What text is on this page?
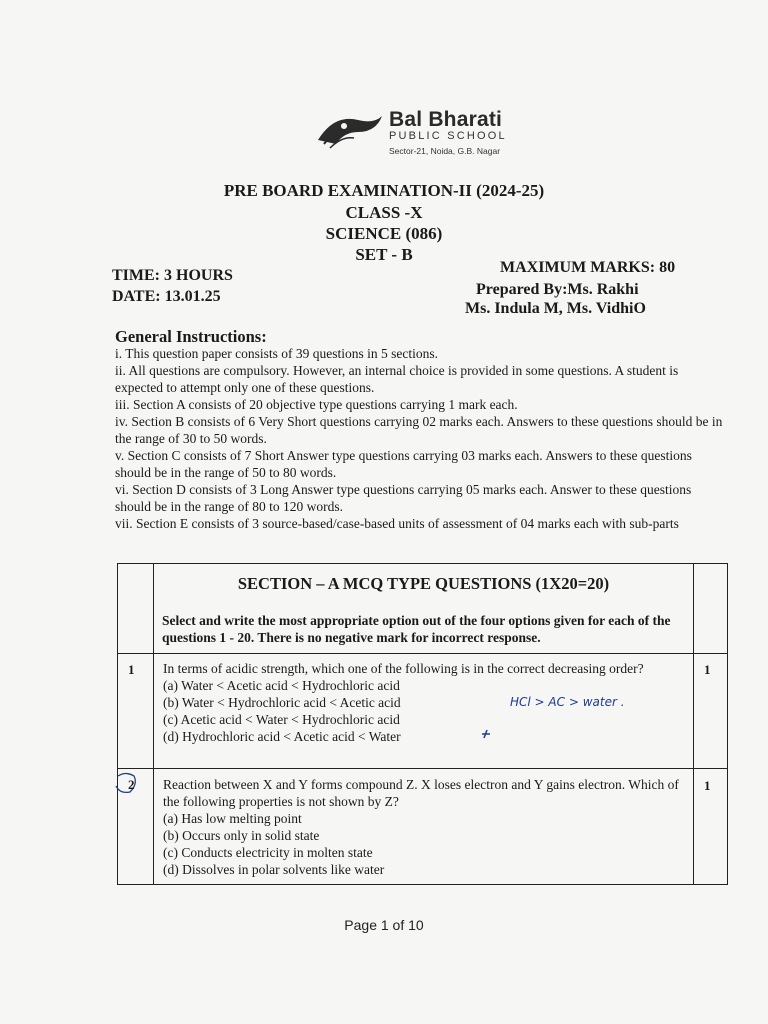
Bal Bharati
PUBLIC SCHOOL
Sector-21, Noida, G.B. Nagar
PRE BOARD EXAMINATION-II (2024-25)
CLASS -X
SCIENCE (086)
SET - B
TIME: 3 HOURS
DATE: 13.01.25
MAXIMUM MARKS: 80
Prepared By:Ms. Rakhi
Ms. Indula M, Ms. VidhiO
General Instructions:

i. This question paper consists of 39 questions in 5 sections.

ii. All questions are compulsory. However, an internal choice is provided in some questions. A student is expected to attempt only one of these questions.

iii. Section A consists of 20 objective type questions carrying 1 mark each.

iv. Section B consists of 6 Very Short questions carrying 02 marks each. Answers to these questions should be in the range of 30 to 50 words.

v. Section C consists of 7 Short Answer type questions carrying 03 marks each. Answers to these questions should be in the range of 50 to 80 words.

vi. Section D consists of 3 Long Answer type questions carrying 05 marks each. Answer to these questions should be in the range of 80 to 120 words.

vii. Section E consists of 3 source-based/case-based units of assessment of 04 marks each with sub-parts

SECTION – A MCQ TYPE QUESTIONS (1X20=20)
Select and write the most appropriate option out of the four options given for each of the questions 1 - 20. There is no negative mark for incorrect response.
1 In terms of acidic strength, which one of the following is in the correct decreasing order?

(a) Water < Acetic acid < Hydrochloric acid

(b) Water < Hydrochloric acid < Acetic acid

(c) Acetic acid < Water < Hydrochloric acid

(d) Hydrochloric acid < Acetic acid < Water

1
HCl > AC > water .
2 Reaction between X and Y forms compound Z. X loses electron and Y gains electron. Which of the following properties is not shown by Z?

(a) Has low melting point

(b) Occurs only in solid state

(c) Conducts electricity in molten state

(d) Dissolves in polar solvents like water

1
Page 1 of 10
